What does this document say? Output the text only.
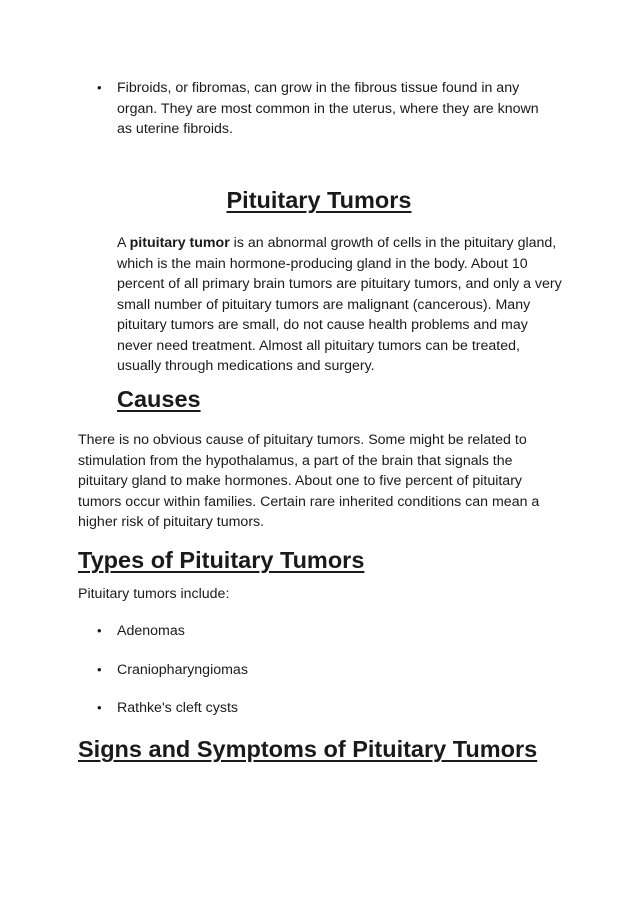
• Fibroids, or fibromas, can grow in the fibrous tissue found in any organ. They are most common in the uterus, where they are known as uterine fibroids.
Pituitary Tumors

A pituitary tumor is an abnormal growth of cells in the pituitary gland, which is the main hormone-producing gland in the body. About 10 percent of all primary brain tumors are pituitary tumors, and only a very small number of pituitary tumors are malignant (cancerous). Many pituitary tumors are small, do not cause health problems and may never need treatment. Almost all pituitary tumors can be treated, usually through medications and surgery.

Causes

There is no obvious cause of pituitary tumors. Some might be related to stimulation from the hypothalamus, a part of the brain that signals the pituitary gland to make hormones. About one to five percent of pituitary tumors occur within families. Certain rare inherited conditions can mean a higher risk of pituitary tumors.

Types of Pituitary Tumors

Pituitary tumors include:

• Adenomas
• Craniopharyngiomas
• Rathke's cleft cysts
Signs and Symptoms of Pituitary Tumors
